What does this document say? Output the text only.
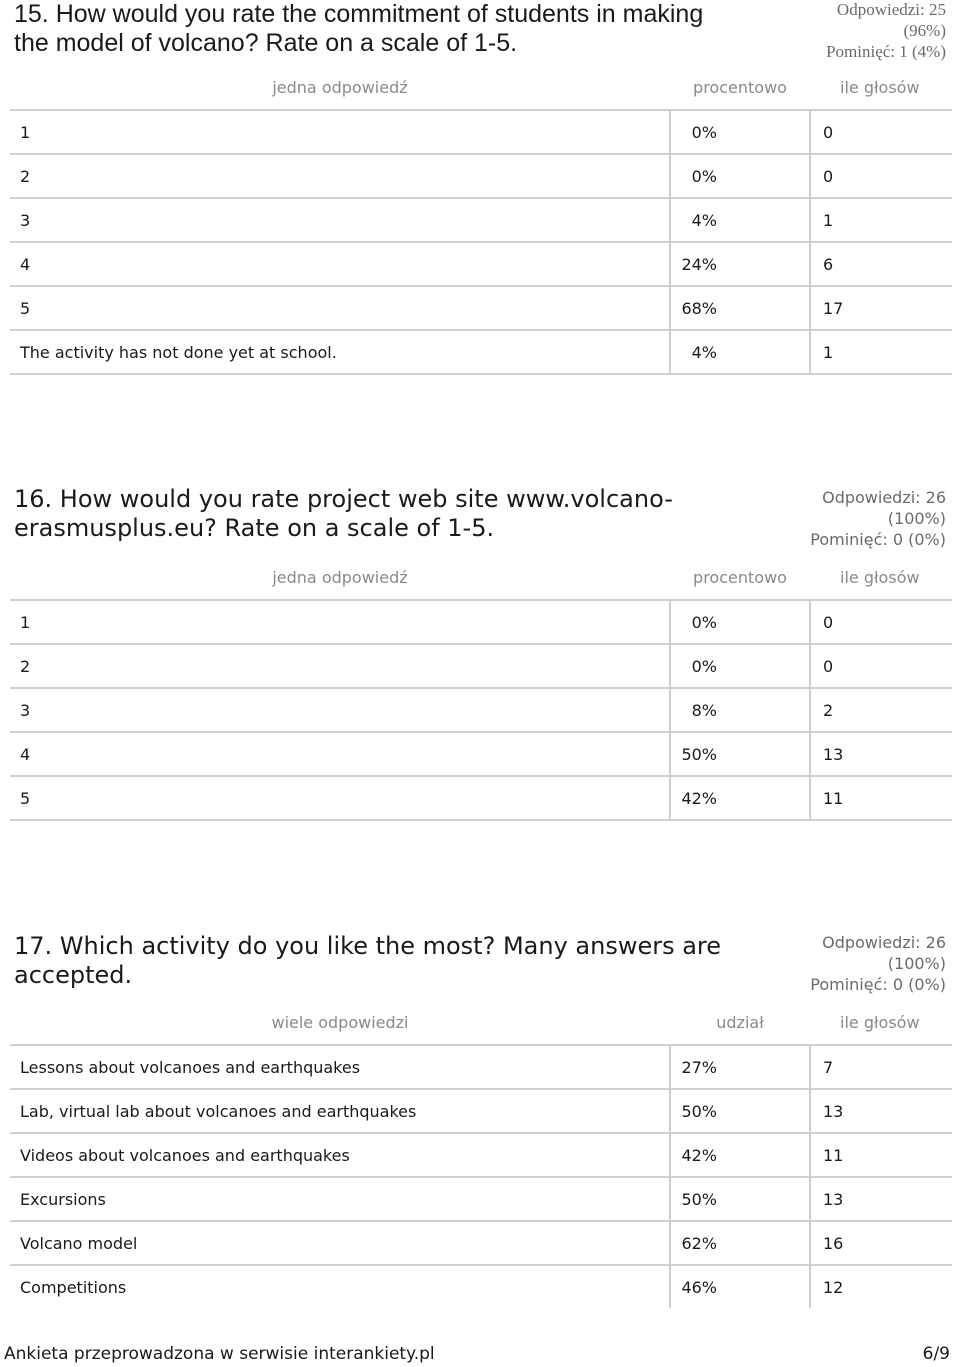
15. How would you rate the commitment of students in making the model of volcano? Rate on a scale of 1-5.
Odpowiedzi: 25
(96%)
Pominięć: 1 (4%)
jedna odpowiedź	procentowo	ile głosów
1	0%	0
2	0%	0
3	4%	1
4	24%	6
5	68%	17
The activity has not done yet at school.	4%	1
16. How would you rate project web site www.volcano-erasmusplus.eu? Rate on a scale of 1-5.
Odpowiedzi: 26
(100%)
Pominięć: 0 (0%)
jedna odpowiedź	procentowo	ile głosów
1	0%	0
2	0%	0
3	8%	2
4	50%	13
5	42%	11
17. Which activity do you like the most? Many answers are accepted.
Odpowiedzi: 26
(100%)
Pominięć: 0 (0%)
wiele odpowiedzi	udział	ile głosów
Lessons about volcanoes and earthquakes	27%	7
Lab, virtual lab about volcanoes and earthquakes	50%	13
Videos about volcanoes and earthquakes	42%	11
Excursions	50%	13
Volcano model	62%	16
Competitions	46%	12
Ankieta przeprowadzona w serwisie interankiety.pl	6/9
